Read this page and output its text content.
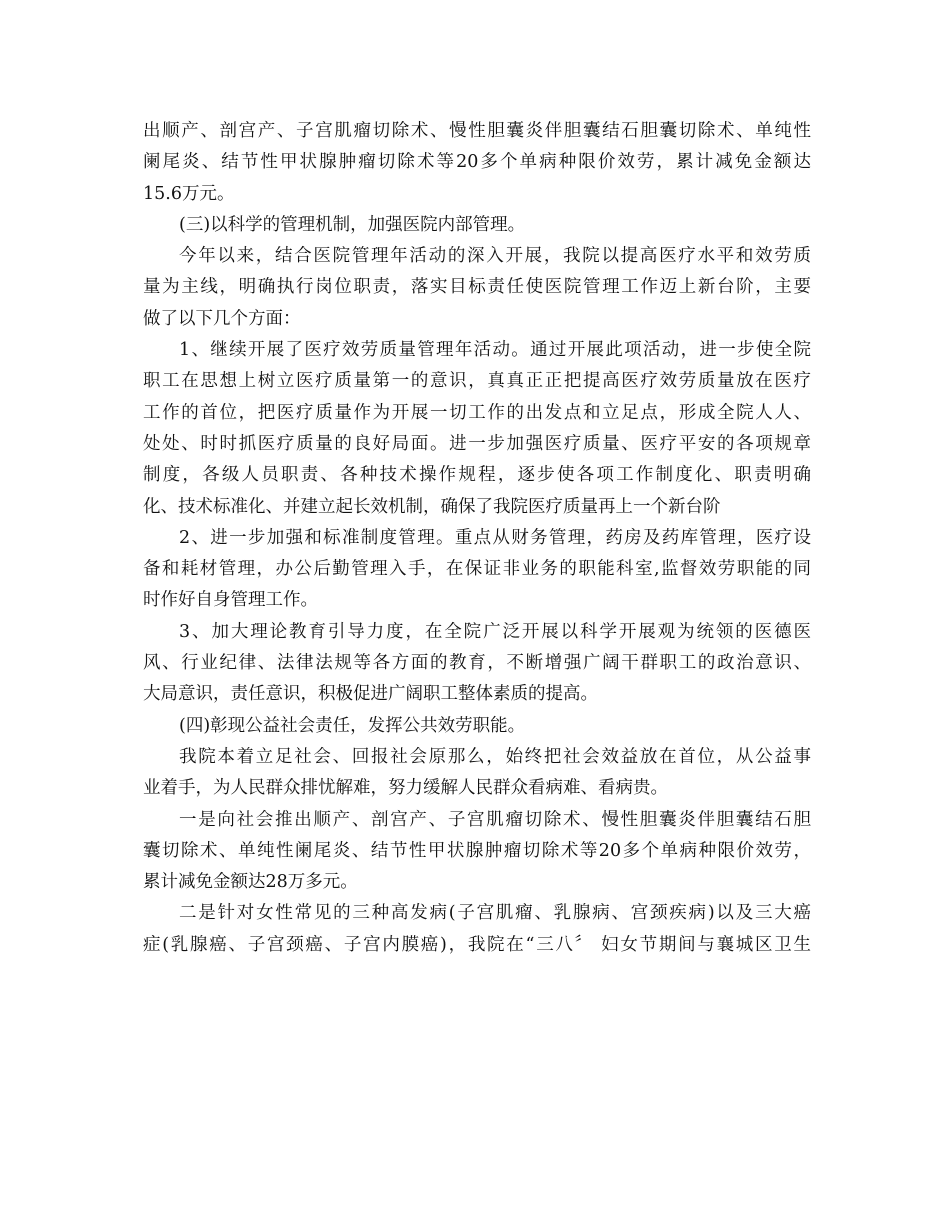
出顺产、剖宫产、子宫肌瘤切除术、慢性胆囊炎伴胆囊结石胆囊切除术、单纯性
阑尾炎、结节性甲状腺肿瘤切除术等20多个单病种限价效劳，累计减免金额达
15.6万元。
(三)以科学的管理机制，加强医院内部管理。
今年以来，结合医院管理年活动的深入开展，我院以提高医疗水平和效劳质
量为主线，明确执行岗位职责，落实目标责任使医院管理工作迈上新台阶，主要
做了以下几个方面：
1、继续开展了医疗效劳质量管理年活动。通过开展此项活动，进一步使全院
职工在思想上树立医疗质量第一的意识，真真正正把提高医疗效劳质量放在医疗
工作的首位，把医疗质量作为开展一切工作的出发点和立足点，形成全院人人、
处处、时时抓医疗质量的良好局面。进一步加强医疗质量、医疗平安的各项规章
制度，各级人员职责、各种技术操作规程，逐步使各项工作制度化、职责明确
化、技术标准化、并建立起长效机制，确保了我院医疗质量再上一个新台阶
2、进一步加强和标准制度管理。重点从财务管理，药房及药库管理，医疗设
备和耗材管理，办公后勤管理入手，在保证非业务的职能科室,监督效劳职能的同
时作好自身管理工作。
3、加大理论教育引导力度，在全院广泛开展以科学开展观为统领的医德医
风、行业纪律、法律法规等各方面的教育，不断增强广阔干群职工的政治意识、
大局意识，责任意识，积极促进广阔职工整体素质的提高。
(四)彰现公益社会责任，发挥公共效劳职能。
我院本着立足社会、回报社会原那么，始终把社会效益放在首位，从公益事
业着手，为人民群众排忧解难，努力缓解人民群众看病难、看病贵。
一是向社会推出顺产、剖宫产、子宫肌瘤切除术、慢性胆囊炎伴胆囊结石胆
囊切除术、单纯性阑尾炎、结节性甲状腺肿瘤切除术等20多个单病种限价效劳，
累计减免金额达28万多元。
二是针对女性常见的三种高发病(子宫肌瘤、乳腺病、宫颈疾病)以及三大癌
症(乳腺癌、子宫颈癌、子宫内膜癌)，我院在“三八〞 妇女节期间与襄城区卫生
